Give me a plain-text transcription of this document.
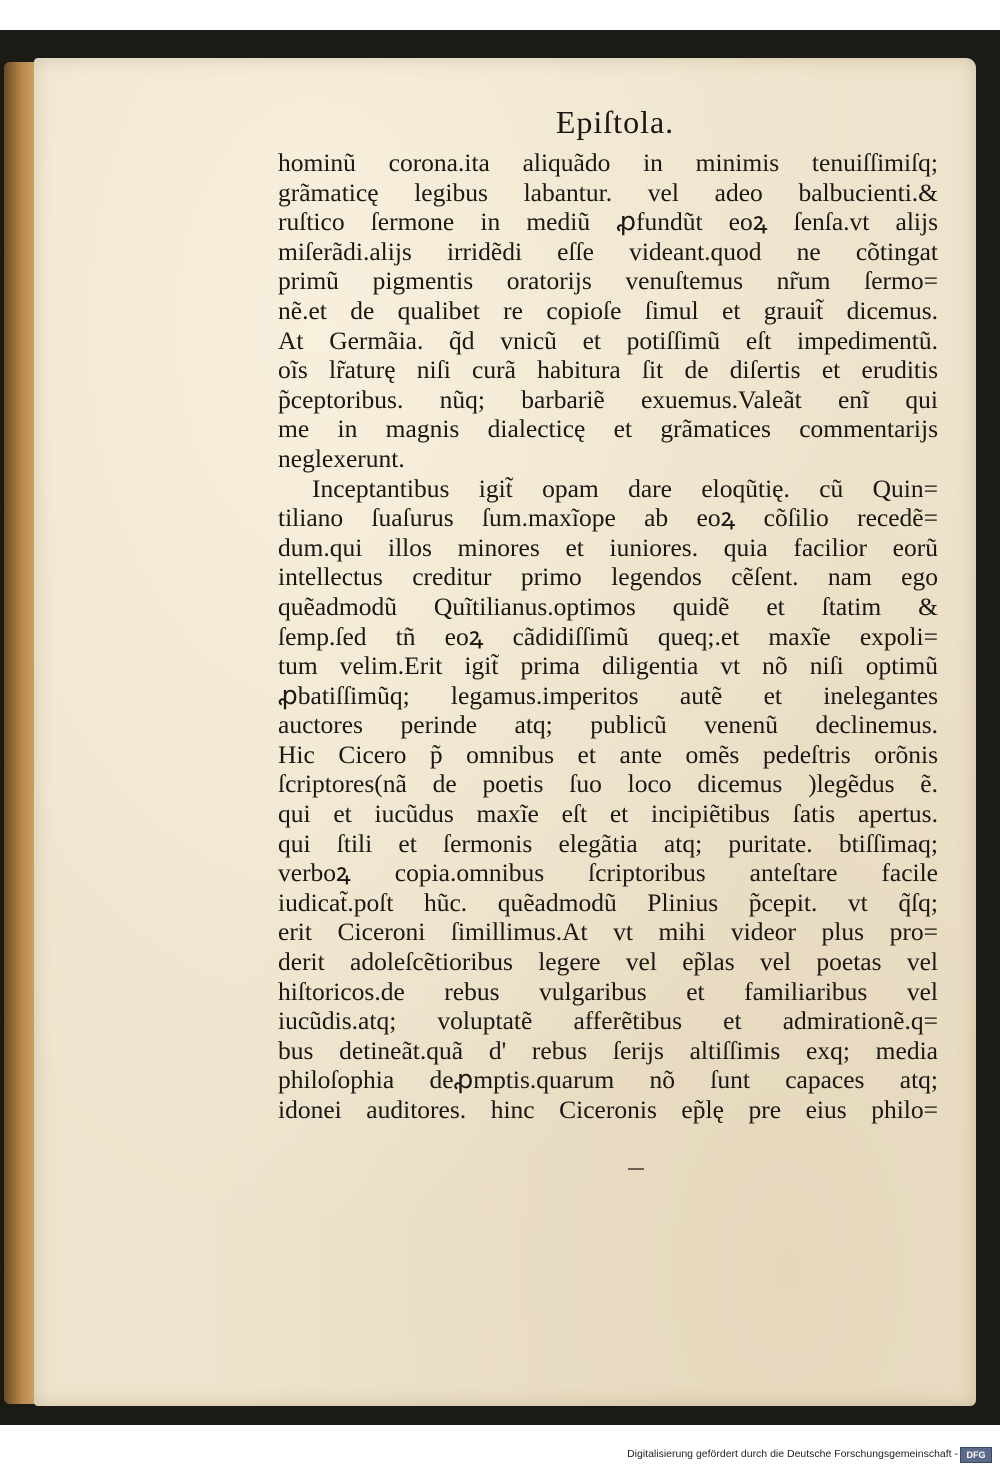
Epiſtola.
hominũ corona.ita aliquãdo in minimis tenuiſſimiſq;
grãmaticę legibus labantur. vel adeo balbucienti.&
ruſtico ſermone in mediũ ꝓfundũt eoꝝ ſenſa.vt alijs
miſerãdi.alijs irridẽdi eſſe videant.quod ne cõtingat
primũ pigmentis oratorijs venuſtemus nr̃um ſermo=
nẽ.et de qualibet re copioſe ſimul et grauit̃ dicemus.
At Germãia. q̃d vnicũ et potiſſimũ eſt impedimentũ.
oĩs lr̃aturę niſi curã habitura ſit de diſertis et eruditis
p̃ceptoribus. nũq; barbariẽ exuemus.Valeãt enĩ qui
me in magnis dialecticę et grãmatices commentarijs
neglexerunt.
Inceptantibus igit̃ opam dare eloqũtię. cũ Quin=
tiliano ſuaſurus ſum.maxĩope ab eoꝝ cõſilio recedẽ=
dum.qui illos minores et iuniores. quia facilior eorũ
intellectus creditur primo legendos cẽſent. nam ego
quẽadmodũ Quĩtilianus.optimos quidẽ et ſtatim &
ſemp.ſed tñ eoꝝ cãdidiſſimũ queq;.et maxĩe expoli=
tum velim.Erit igit̃ prima diligentia vt nõ niſi optimũ
ꝓbatiſſimũq; legamus.imperitos autẽ et inelegantes
auctores perinde atq; publicũ venenũ declinemus.
Hic Cicero p̃ omnibus et ante omẽs pedeſtris orõnis
ſcriptores(nã de poetis ſuo loco dicemus )legẽdus ẽ.
qui et iucũdus maxĩe eſt et incipiẽtibus ſatis apertus.
qui ſtili et ſermonis elegãtia atq; puritate. btiſſimaq;
verboꝝ copia.omnibus ſcriptoribus anteſtare facile
iudicat̃.poſt hũc. quẽadmodũ Plinius p̃cepit. vt q̃ſq;
erit Ciceroni ſimillimus.At vt mihi videor plus pro=
derit adoleſcẽtioribus legere vel ep̃las vel poetas vel
hiſtoricos.de rebus vulgaribus et familiaribus vel
iucũdis.atq; voluptatẽ afferẽtibus et admirationẽ.q=
bus detineãt.quã d' rebus ſerijs altiſſimis exq; media
philoſophia deꝓmptis.quarum nõ ſunt capaces atq;
idonei auditores. hinc Ciceronis ep̃lę pre eius philo=
Digitalisierung gefördert durch die Deutsche Forschungsgemeinschaft - DFG
